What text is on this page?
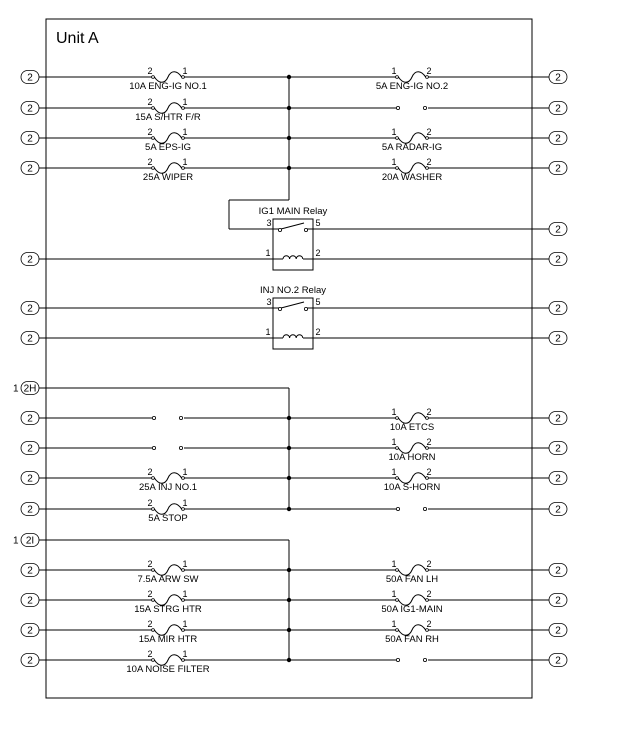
Unit A
2
2	1
10A ENG-IG NO.1
2
2	1
15A S/HTR F/R
2
2	1
5A EPS-IG
2
2	1
25A WIPER
2
2
2
1 2H
2
2
2
2	1
25A INJ NO.1
2
2	1
5A STOP
1 2I
2
2	1
7.5A ARW SW
2
2	1
15A STRG HTR
2
2	1
15A MIR HTR
2
2	1
10A NOISE FILTER
2
1	2
5A ENG-IG NO.2
2
2
1	2
5A RADAR-IG
2
1	2
20A WASHER
2
2
2
2
2
1	2
10A ETCS
2
1	2
10A HORN
2
1	2
10A S-HORN
2
2
1	2
50A FAN LH
2
1	2
50A IG1-MAIN
2
1	2
50A FAN RH
2
IG1 MAIN Relay
3	5
1	2
INJ NO.2 Relay
3	5
1	2
